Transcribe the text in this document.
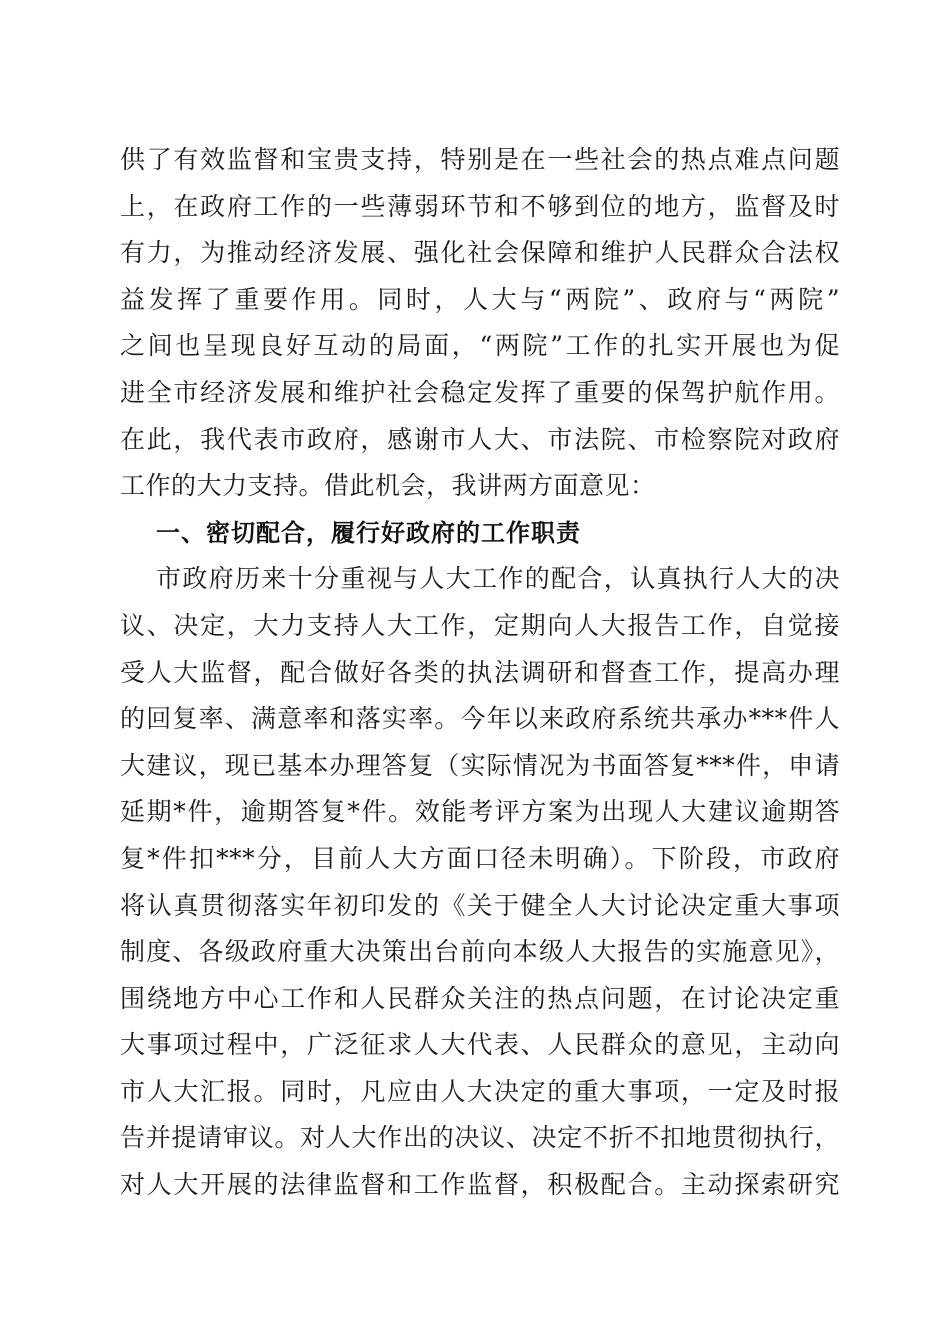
供了有效监督和宝贵支持，特别是在一些社会的热点难点问题
上，在政府工作的一些薄弱环节和不够到位的地方，监督及时
有力，为推动经济发展、强化社会保障和维护人民群众合法权
益发挥了重要作用。同时，人大与“两院”、政府与“两院”
之间也呈现良好互动的局面，“两院”工作的扎实开展也为促
进全市经济发展和维护社会稳定发挥了重要的保驾护航作用。
在此，我代表市政府，感谢市人大、市法院、市检察院对政府
工作的大力支持。借此机会，我讲两方面意见：
一、密切配合，履行好政府的工作职责
市政府历来十分重视与人大工作的配合，认真执行人大的决
议、决定，大力支持人大工作，定期向人大报告工作，自觉接
受人大监督，配合做好各类的执法调研和督查工作，提高办理
的回复率、满意率和落实率。今年以来政府系统共承办***件人
大建议，现已基本办理答复（实际情况为书面答复***件，申请
延期*件，逾期答复*件。效能考评方案为出现人大建议逾期答
复*件扣***分，目前人大方面口径未明确）。下阶段，市政府
将认真贯彻落实年初印发的《关于健全人大讨论决定重大事项
制度、各级政府重大决策出台前向本级人大报告的实施意见》，
围绕地方中心工作和人民群众关注的热点问题，在讨论决定重
大事项过程中，广泛征求人大代表、人民群众的意见，主动向
市人大汇报。同时，凡应由人大决定的重大事项，一定及时报
告并提请审议。对人大作出的决议、决定不折不扣地贯彻执行，
对人大开展的法律监督和工作监督，积极配合。主动探索研究
